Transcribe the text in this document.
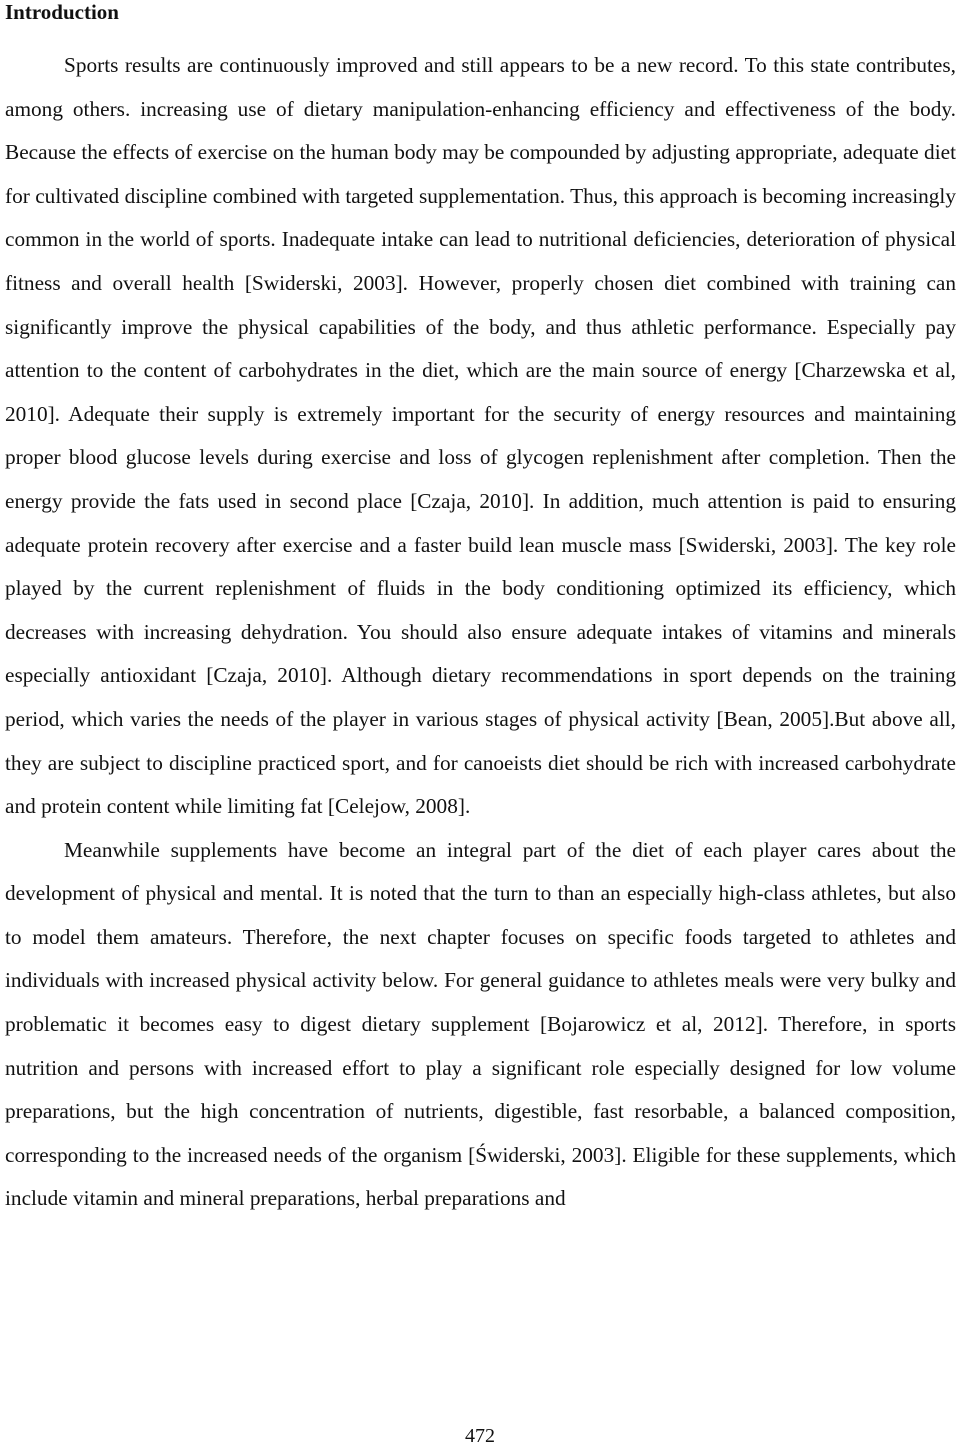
Introduction

Sports results are continuously improved and still appears to be a new record. To this state contributes, among others. increasing use of dietary manipulation-enhancing efficiency and effectiveness of the body. Because the effects of exercise on the human body may be compounded by adjusting appropriate, adequate diet for cultivated discipline combined with targeted supplementation. Thus, this approach is becoming increasingly common in the world of sports. Inadequate intake can lead to nutritional deficiencies, deterioration of physical fitness and overall health [Swiderski, 2003]. However, properly chosen diet combined with training can significantly improve the physical capabilities of the body, and thus athletic performance. Especially pay attention to the content of carbohydrates in the diet, which are the main source of energy [Charzewska et al, 2010]. Adequate their supply is extremely important for the security of energy resources and maintaining proper blood glucose levels during exercise and loss of glycogen replenishment after completion. Then the energy provide the fats used in second place [Czaja, 2010]. In addition, much attention is paid to ensuring adequate protein recovery after exercise and a faster build lean muscle mass [Swiderski, 2003]. The key role played by the current replenishment of fluids in the body conditioning optimized its efficiency, which decreases with increasing dehydration. You should also ensure adequate intakes of vitamins and minerals especially antioxidant [Czaja, 2010]. Although dietary recommendations in sport depends on the training period, which varies the needs of the player in various stages of physical activity [Bean, 2005].But above all, they are subject to discipline practiced sport, and for canoeists diet should be rich with increased carbohydrate and protein content while limiting fat [Celejow, 2008].

Meanwhile supplements have become an integral part of the diet of each player cares about the development of physical and mental. It is noted that the turn to than an especially high-class athletes, but also to model them amateurs. Therefore, the next chapter focuses on specific foods targeted to athletes and individuals with increased physical activity below. For general guidance to athletes meals were very bulky and problematic it becomes easy to digest dietary supplement [Bojarowicz et al, 2012]. Therefore, in sports nutrition and persons with increased effort to play a significant role especially designed for low volume preparations, but the high concentration of nutrients, digestible, fast resorbable, a balanced composition, corresponding to the increased needs of the organism [Świderski, 2003]. Eligible for these supplements, which include vitamin and mineral preparations, herbal preparations and

472
